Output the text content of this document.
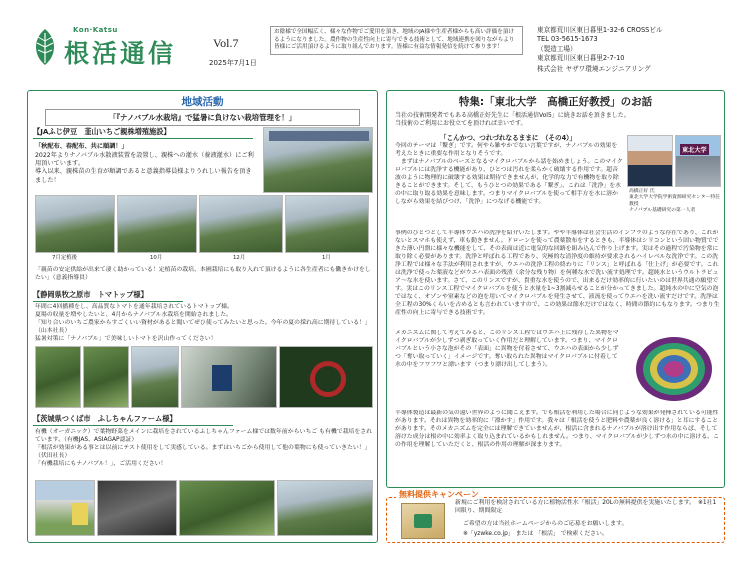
Kon·Katsu
根活通信	Vol.7
2025年7月1日
お陰様で全国幅広く、様々な作物でご愛用を頂き、地域のJA様や生産者様からも高い評価を頂けるようになりました。農作物の生産性向上に寄与できる技術として、地域連携を図りながらより皆様にご活用頂けるように取り組んでおります。皆様に有益な情報発信を続けて参ります！
東京都荒川区東日暮里1-32-6 CROSSビル
TEL 03-5615-1673
（製造工場）
東京都荒川区東日暮里2-7-10
株式会社 ヤザワ環境エンジニアリング
地域活動
「『ナノバブル水栽培』で猛暑に負けない栽培管理を！」
【JAふじ伊豆　韮山いちご親株増殖施設】
「秋配布、春配布、共に順調！」
2022年よりナノバブル水散液装置を設置し、親株への灌水（養液灌水）にご利用頂いています。
導入以来、親株苗の生育が順調であると意義指導員様よりうれしい報告を頂きました！
7月定植後	10月	12月	1月
「親苗の安定供給が出来て凄く助かっている！定植苗の栽培、本圃栽培にも取り入れて頂けるように各生産者にも働きかけをしたい」（意義指導員）
【静岡県牧之原市　トマトップ様】
年間に4回播種をし、高品質なトマトを通年栽培されているトマトップ様。
夏場の収量を増やしたいと、4月からナノバブル水栽培を開始されました。
「知り合いのいちご農家からすごくいい資材があると聞いてぜひ使ってみたいと思った。今年の夏の採れ高に期待している！」（山本社長）
猛暑対策に「ナノバブル」で美味しいトマトを沢山作ってください！
【茨城県つくば市　ふしちゃんファーム様】
有機（オーガニック）で葉物野菜をメインに栽培をされているふしちゃんファーム様では数年前からいちご も有機で栽培をされています。（有機JAS、ASIAGAP認証）
「根活が効果がある事とは以前にテスト使用をして実感している。まずはいちごから使用して他の葉物にも使っていきたい！」（伏田社長）
「有機栽培にもナノバブル！」、ご活用ください！
特集:「東北大学　高橋正好教授」のお話
当社の技術開発者でもある高橋正好先生に「根活通信Vol5」に続きお話を頂きました。
当技術のご利用にお役立てを頂ければ幸いです。
「こんかつ、つれづれなるままに　（その4）」
今回のテーマは「繋ぎ」です。何やら雑やかでない言葉ですが、ナノバブルの効果を考えたときに重要な作用となりそうです。
　まずはナノバブルのベースとなるマイクロバブルから話を始めましょう。このマイクロバブルには洗浄する機能があり、ひとつは汚れを柔らかく破壊する作用です。超音波のように物理的に破壊する効果は期待できませんが、化学的な力で有機物を取り除きることができます。そして、もうひとつの効果である「繋ぎ」、これは「洗浄」を水の中に取り取る効果を意味します。つまりマイクロバブルを使って相手方を水に溶かしながら効果を結びつけ、「洗浄」につなげる機能です。
東北大学
高橋正好 氏
東北大学大学院学術資源研究センター特任教授
ナノバブル基礎研究の第一人者
事例のひとつとして半導体ウエハの洗浄を紹介いたします。やや半導体は社会生活のインフラのような存在であり、これがないとスマホも使えず、車も動きません。ドローンを使って農薬散布をするときも、半導体はシリコンという固い物質でできた薄い円盤に様々な機能をして、その表面は近に電気的な回路を組み込んで作り上げます。実はその過程で汚染物を常に取り除く必要があります。洗浄と呼ばれる工程であり、究極的な清浄度の維持が要求されるハイレベルな洗浄です。この洗浄工程では様々な手法が利用されますが、ウエハの洗浄工程の終わりに「リンス」と呼ばれる「仕上げ」が必要です。これは洗浄で使った薬液などがウエハ表面の残渣（余分な残り物）を何種な水で洗い流す処理です。超純水というウルトラピュア～な水を使います。さて、このリンスですが、貴重な水を使うので、出来るだけ効率的に行いたいのは世界共通の願望です。実はこのリンス工程でマイクロバブルを使うと水量を1~3割減らせることが分かってきました。超純水の中に空気の泡ではなく、オゾンや窒素などの泡を用いてマイクロバブルを発生させて、液流を使ってウエハを洗い流すだけです。洗浄は全工程の30%くらいを占めるとも言われていますので、この効果は節水だけではなく、時間の節約にもなります。つまり生産性の向上に寄与できる技術です。
メカニズムに関して考えてみると、このリンス工程ではウエハ上に残存した異物をマイクロバブルが少しずつ剥ぎ取っていく作用だと理解しています。つまり、マイクロバブルという小さな泡がその「表面」に異物を付着させて、ウエハの表面から少しずつ「奪い取っていく」イメージです。奪い取られた異物はマイクロバブルに付着して水の中をフワフワと漂います（つまり漂け出してしまう）。
半導体製造は最新の気の遠い世界のように聞こえます。でも根活を利用した場合に同じような効果が発揮されている可能性があります。それは異物を効率的に「漂かす」作用です。我々は「根活を使うと肥料や農薬が良く溶ける」と耳にすることがあります。そのメカニズムを完全には理解できていませんが、根活に含まれるナノバブルが溶け出す作用ならば、そして溶けた成分は根の中に効率よく取り込まれているかもしれません。つまり、マイクロバブルが少しずつ水の中に溶ける。この作用を理解していただくと、根活の作用の理解が深まります。
無料提供キャンペーン
新規にご利用を検討されている方に植物活性水「根活」20Lの無料提供を実施いたします。　※1社1回限り、期間限定
ご希望の方は当社ホームページからのご応募をお願いします。
※「yzwke.co.jp」 または 「根活」 で検索ください。
